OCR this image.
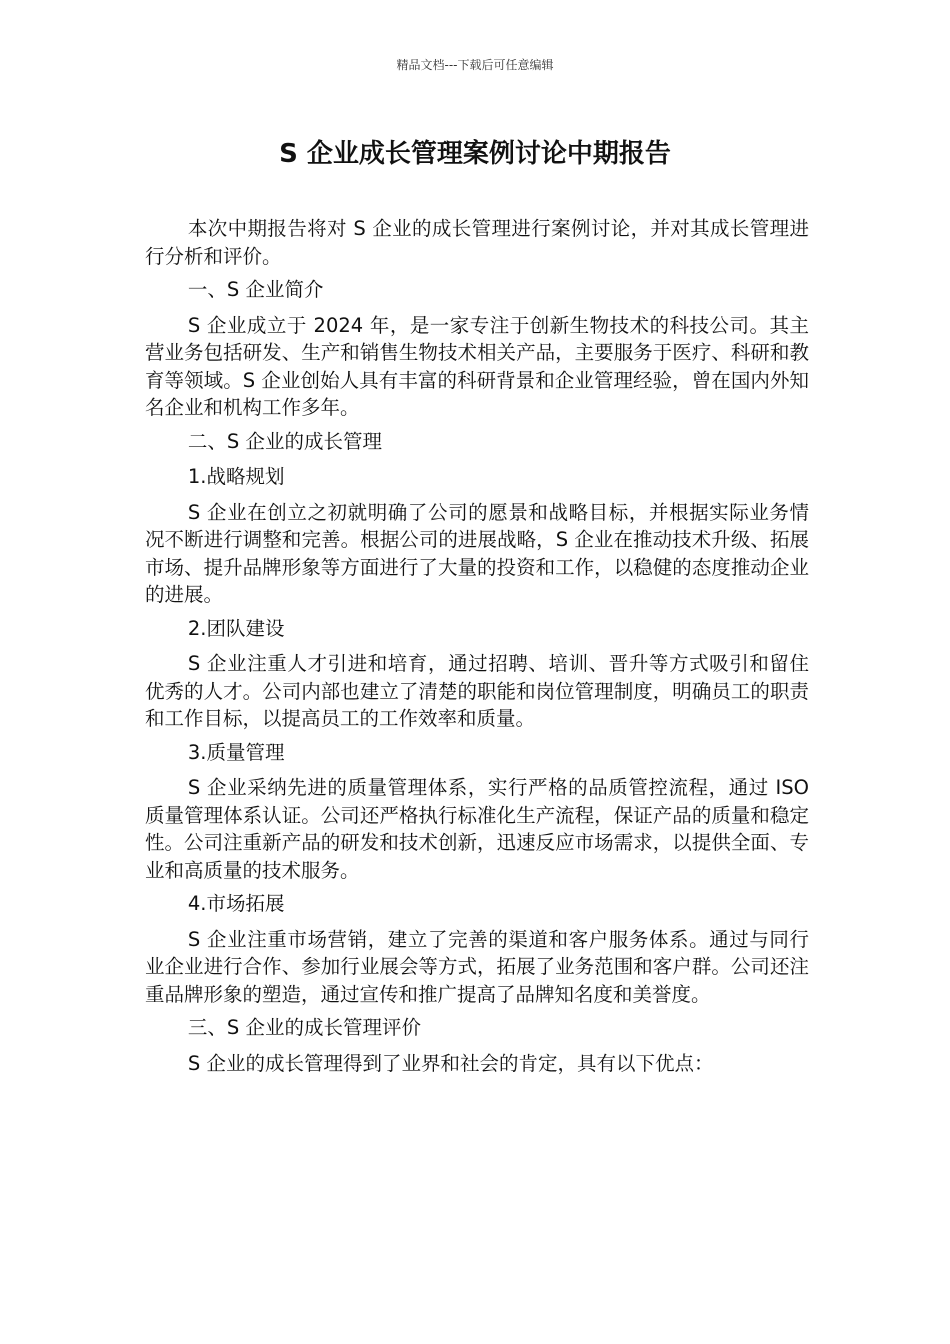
精品文档---下载后可任意编辑
S 企业成长管理案例讨论中期报告

本次中期报告将对 S 企业的成长管理进行案例讨论，并对其成长管理进行分析和评价。

一、S 企业简介

S 企业成立于 2024 年，是一家专注于创新生物技术的科技公司。其主营业务包括研发、生产和销售生物技术相关产品，主要服务于医疗、科研和教育等领域。S 企业创始人具有丰富的科研背景和企业管理经验，曾在国内外知名企业和机构工作多年。

二、S 企业的成长管理

1.战略规划

S 企业在创立之初就明确了公司的愿景和战略目标，并根据实际业务情况不断进行调整和完善。根据公司的进展战略，S 企业在推动技术升级、拓展市场、提升品牌形象等方面进行了大量的投资和工作，以稳健的态度推动企业的进展。

2.团队建设

S 企业注重人才引进和培育，通过招聘、培训、晋升等方式吸引和留住优秀的人才。公司内部也建立了清楚的职能和岗位管理制度，明确员工的职责和工作目标，以提高员工的工作效率和质量。

3.质量管理

S 企业采纳先进的质量管理体系，实行严格的品质管控流程，通过 ISO 质量管理体系认证。公司还严格执行标准化生产流程，保证产品的质量和稳定性。公司注重新产品的研发和技术创新，迅速反应市场需求，以提供全面、专业和高质量的技术服务。

4.市场拓展

S 企业注重市场营销，建立了完善的渠道和客户服务体系。通过与同行业企业进行合作、参加行业展会等方式，拓展了业务范围和客户群。公司还注重品牌形象的塑造，通过宣传和推广提高了品牌知名度和美誉度。

三、S 企业的成长管理评价

S 企业的成长管理得到了业界和社会的肯定，具有以下优点：
